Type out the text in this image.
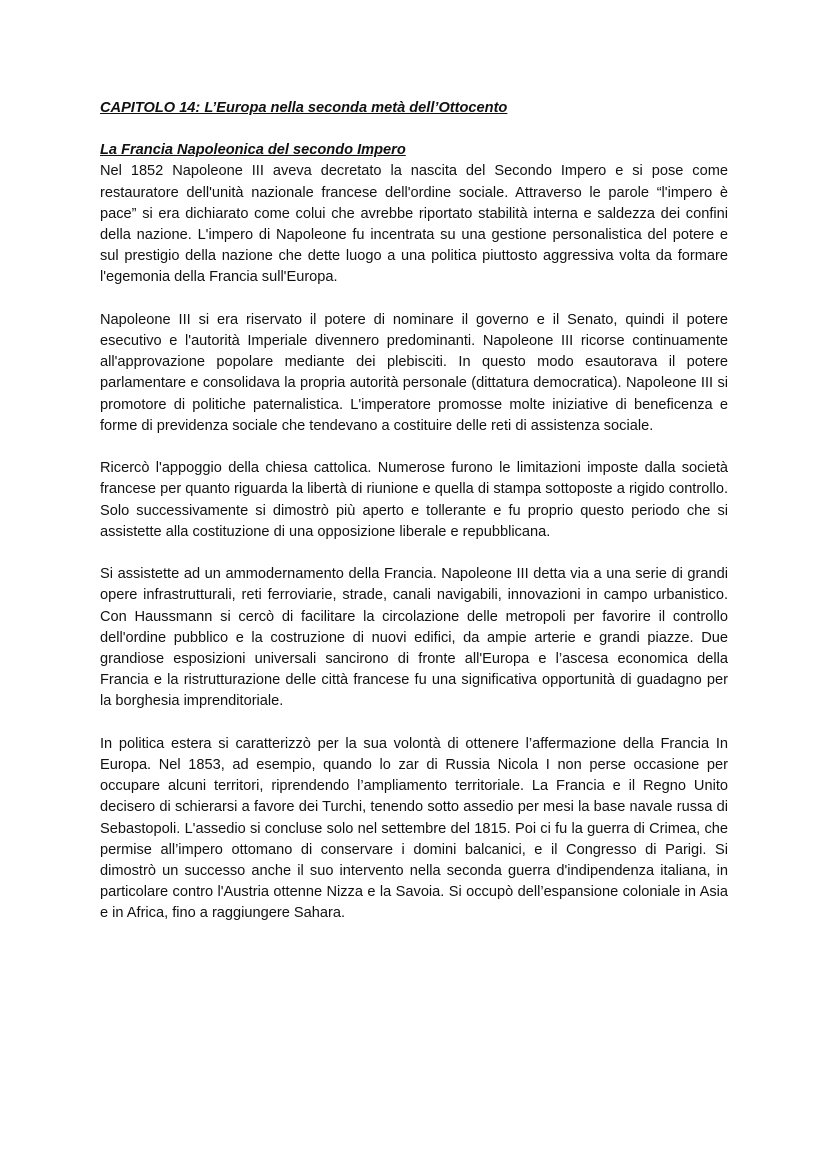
CAPITOLO 14: L’Europa nella seconda metà dell’Ottocento
La Francia Napoleonica del secondo Impero

Nel 1852 Napoleone III aveva decretato la nascita del Secondo Impero e si pose come restauratore dell'unità nazionale francese dell'ordine sociale. Attraverso le parole “l'impero è pace” si era dichiarato come colui che avrebbe riportato stabilità interna e saldezza dei confini della nazione. L'impero di Napoleone fu incentrata su una gestione personalistica del potere e sul prestigio della nazione che dette luogo a una politica piuttosto aggressiva volta da formare l'egemonia della Francia sull'Europa.

Napoleone III si era riservato il potere di nominare il governo e il Senato, quindi il potere esecutivo e l'autorità Imperiale divennero predominanti. Napoleone III ricorse continuamente all'approvazione popolare mediante dei plebisciti. In questo modo esautorava il potere parlamentare e consolidava la propria autorità personale (dittatura democratica). Napoleone III si promotore di politiche paternalistica. L'imperatore promosse molte iniziative di beneficenza e forme di previdenza sociale che tendevano a costituire delle reti di assistenza sociale.

Ricercò l'appoggio della chiesa cattolica. Numerose furono le limitazioni imposte dalla società francese per quanto riguarda la libertà di riunione e quella di stampa sottoposte a rigido controllo. Solo successivamente si dimostrò più aperto e tollerante e fu proprio questo periodo che si assistette alla costituzione di una opposizione liberale e repubblicana.

Si assistette ad un ammodernamento della Francia. Napoleone III detta via a una serie di grandi opere infrastrutturali, reti ferroviarie, strade, canali navigabili, innovazioni in campo urbanistico. Con Haussmann si cercò di facilitare la circolazione delle metropoli per favorire il controllo dell'ordine pubblico e la costruzione di nuovi edifici, da ampie arterie e grandi piazze. Due grandiose esposizioni universali sancirono di fronte all'Europa e l’ascesa economica della Francia e la ristrutturazione delle città francese fu una significativa opportunità di guadagno per la borghesia imprenditoriale.

In politica estera si caratterizzò per la sua volontà di ottenere l’affermazione della Francia In Europa. Nel 1853, ad esempio, quando lo zar di Russia Nicola I non perse occasione per occupare alcuni territori, riprendendo l’ampliamento territoriale. La Francia e il Regno Unito decisero di schierarsi a favore dei Turchi, tenendo sotto assedio per mesi la base navale russa di Sebastopoli. L'assedio si concluse solo nel settembre del 1815. Poi ci fu la guerra di Crimea, che permise all’impero ottomano di conservare i domini balcanici, e il Congresso di Parigi. Si dimostrò un successo anche il suo intervento nella seconda guerra d'indipendenza italiana, in particolare contro l'Austria ottenne Nizza e la Savoia. Si occupò dell’espansione coloniale in Asia e in Africa, fino a raggiungere Sahara.
